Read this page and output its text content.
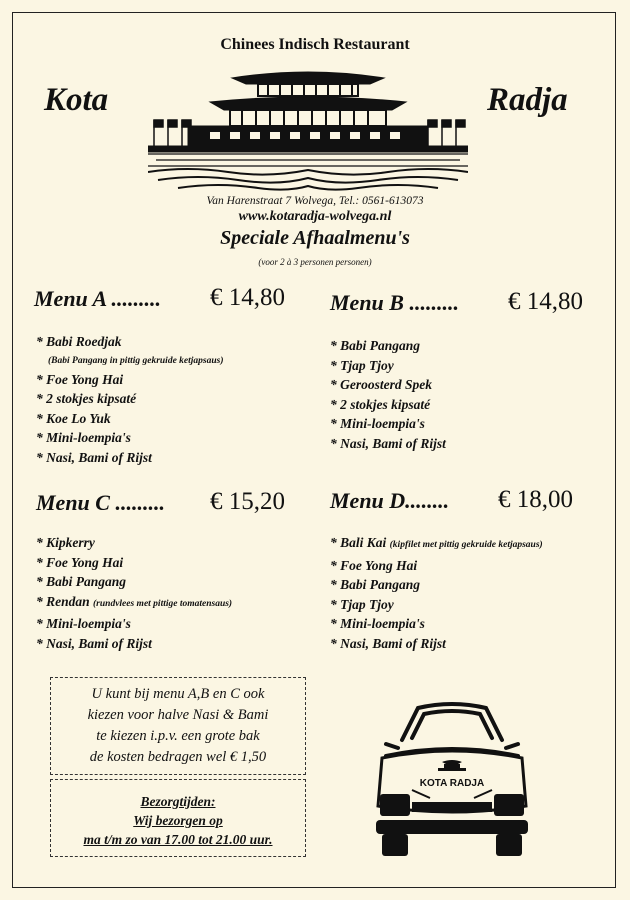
Chinees Indisch Restaurant
Kota	Radja
Van Harenstraat 7 Wolvega, Tel.: 0561-613073
www.kotaradja-wolvega.nl
Speciale Afhaalmenu's
(voor 2 à 3 personen personen)
Menu A ......... € 14,80
* Babi Roedjak
(Babi Pangang in pittig gekruide ketjapsaus)
* Foe Yong Hai
* 2 stokjes kipsaté
* Koe Lo Yuk
* Mini-loempia's
* Nasi, Bami of Rijst
Menu B ......... € 14,80
* Babi Pangang
* Tjap Tjoy
* Geroosterd Spek
* 2 stokjes kipsaté
* Mini-loempia's
* Nasi, Bami of Rijst
Menu C ......... € 15,20
* Kipkerry
* Foe Yong Hai
* Babi Pangang
* Rendan (rundvlees met pittige tomatensaus)
* Mini-loempia's
* Nasi, Bami of Rijst
Menu D........ € 18,00
* Bali Kai (kipfilet met pittig gekruide ketjapsaus)
* Foe Yong Hai
* Babi Pangang
* Tjap Tjoy
* Mini-loempia's
* Nasi, Bami of Rijst
U kunt bij menu A,B en C ook
kiezen voor halve Nasi & Bami
te kiezen i.p.v. een grote bak
de kosten bedragen wel € 1,50
Bezorgtijden:
Wij bezorgen op
ma t/m zo van 17.00 tot 21.00 uur.
KOTA RADJA
